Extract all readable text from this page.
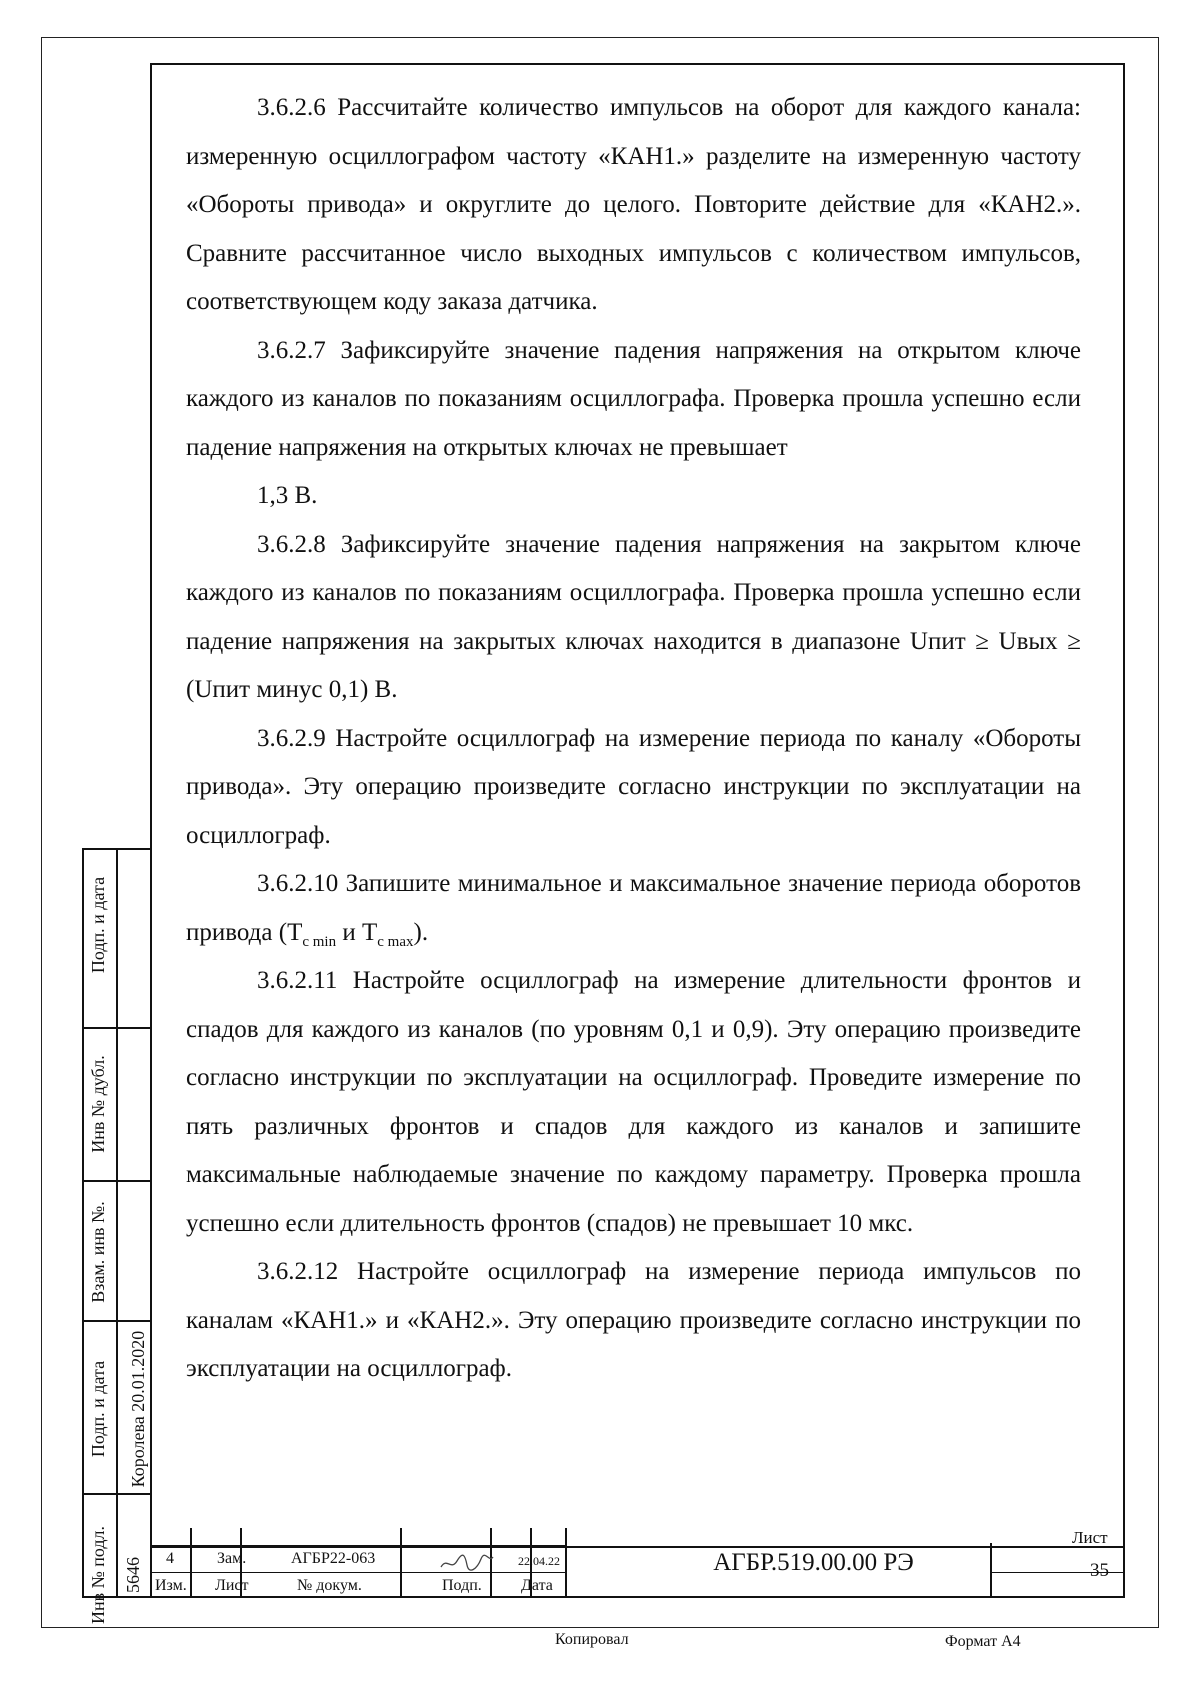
3.6.2.6 Рассчитайте количество импульсов на оборот для каждого канала: измеренную осциллографом частоту «КАН1.» разделите на измеренную частоту «Обороты привода» и округлите до целого. Повторите действие для «КАН2.». Сравните рассчитанное число выходных импульсов с количеством импульсов, соответствующем коду заказа датчика.

3.6.2.7 Зафиксируйте значение падения напряжения на открытом ключе каждого из каналов по показаниям осциллографа. Проверка прошла успешно если падение напряжения на открытых ключах не превышает

1,3 В.

3.6.2.8 Зафиксируйте значение падения напряжения на закрытом ключе каждого из каналов по показаниям осциллографа. Проверка прошла успешно если падение напряжения на закрытых ключах находится в диапазоне Uпит ≥ Uвых ≥ (Uпит минус 0,1) В.

3.6.2.9 Настройте осциллограф на измерение периода по каналу «Обороты привода». Эту операцию произведите согласно инструкции по эксплуатации на осциллограф.

3.6.2.10 Запишите минимальное и максимальное значение периода оборотов привода ($T_{c min}$ и $T_{c max}$).

3.6.2.11 Настройте осциллограф на измерение длительности фронтов и спадов для каждого из каналов (по уровням 0,1 и 0,9). Эту операцию произведите согласно инструкции по эксплуатации на осциллограф. Проведите измерение по пять различных фронтов и спадов для каждого из каналов и запишите максимальные наблюдаемые значение по каждому параметру. Проверка прошла успешно если длительность фронтов (спадов) не превышает 10 мкс.

3.6.2.12 Настройте осциллограф на измерение периода импульсов по каналам «КАН1.» и «КАН2.». Эту операцию произведите согласно инструкции по эксплуатации на осциллограф.

Подп. и дата
Инв № дубл.
Взам. инв №.
Подп. и дата Королева 20.01.2020
Инв № подл. 5646 4	Зам.	АГБР22-063	22.04.22
Изм. Лист	№ докум.	Подп. Дата
АГБР.519.00.00 РЭ
Лист
35
Копировал	Формат А4
